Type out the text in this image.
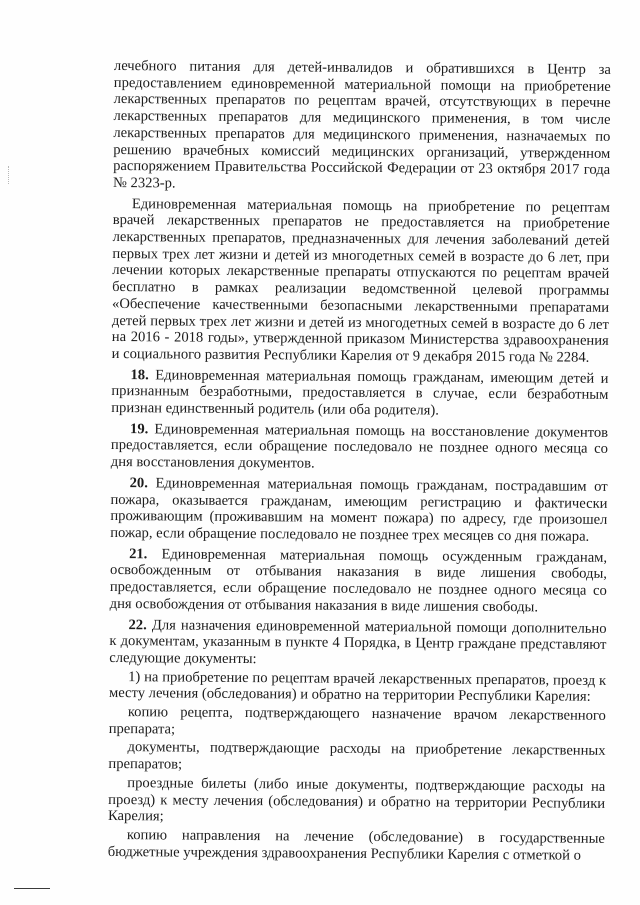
лечебного питания для детей-инвалидов и обратившихся в Центр за предоставлением единовременной материальной помощи на приобретение лекарственных препаратов по рецептам врачей, отсутствующих в перечне лекарственных препаратов для медицинского применения, в том числе лекарственных препаратов для медицинского применения, назначаемых по решению врачебных комиссий медицинских организаций, утвержденном распоряжением Правительства Российской Федерации от 23 октября 2017 года № 2323-р.

Единовременная материальная помощь на приобретение по рецептам врачей лекарственных препаратов не предоставляется на приобретение лекарственных препаратов, предназначенных для лечения заболеваний детей первых трех лет жизни и детей из многодетных семей в возрасте до 6 лет, при лечении которых лекарственные препараты отпускаются по рецептам врачей бесплатно в рамках реализации ведомственной целевой программы «Обеспечение качественными безопасными лекарственными препаратами детей первых трех лет жизни и детей из многодетных семей в возрасте до 6 лет на 2016 - 2018 годы», утвержденной приказом Министерства здравоохранения и социального развития Республики Карелия от 9 декабря 2015 года № 2284.

18. Единовременная материальная помощь гражданам, имеющим детей и признанным безработными, предоставляется в случае, если безработным признан единственный родитель (или оба родителя).

19. Единовременная материальная помощь на восстановление документов предоставляется, если обращение последовало не позднее одного месяца со дня восстановления документов.

20. Единовременная материальная помощь гражданам, пострадавшим от пожара, оказывается гражданам, имеющим регистрацию и фактически проживающим (проживавшим на момент пожара) по адресу, где произошел пожар, если обращение последовало не позднее трех месяцев со дня пожара.

21. Единовременная материальная помощь осужденным гражданам, освобожденным от отбывания наказания в виде лишения свободы, предоставляется, если обращение последовало не позднее одного месяца со дня освобождения от отбывания наказания в виде лишения свободы.

22. Для назначения единовременной материальной помощи дополнительно к документам, указанным в пункте 4 Порядка, в Центр граждане представляют следующие документы:

1) на приобретение по рецептам врачей лекарственных препаратов, проезд к месту лечения (обследования) и обратно на территории Республики Карелия:

копию рецепта, подтверждающего назначение врачом лекарственного препарата;

документы, подтверждающие расходы на приобретение лекарственных препаратов;

проездные билеты (либо иные документы, подтверждающие расходы на проезд) к месту лечения (обследования) и обратно на территории Республики Карелия;

копию направления на лечение (обследование) в государственные бюджетные учреждения здравоохранения Республики Карелия с отметкой о
